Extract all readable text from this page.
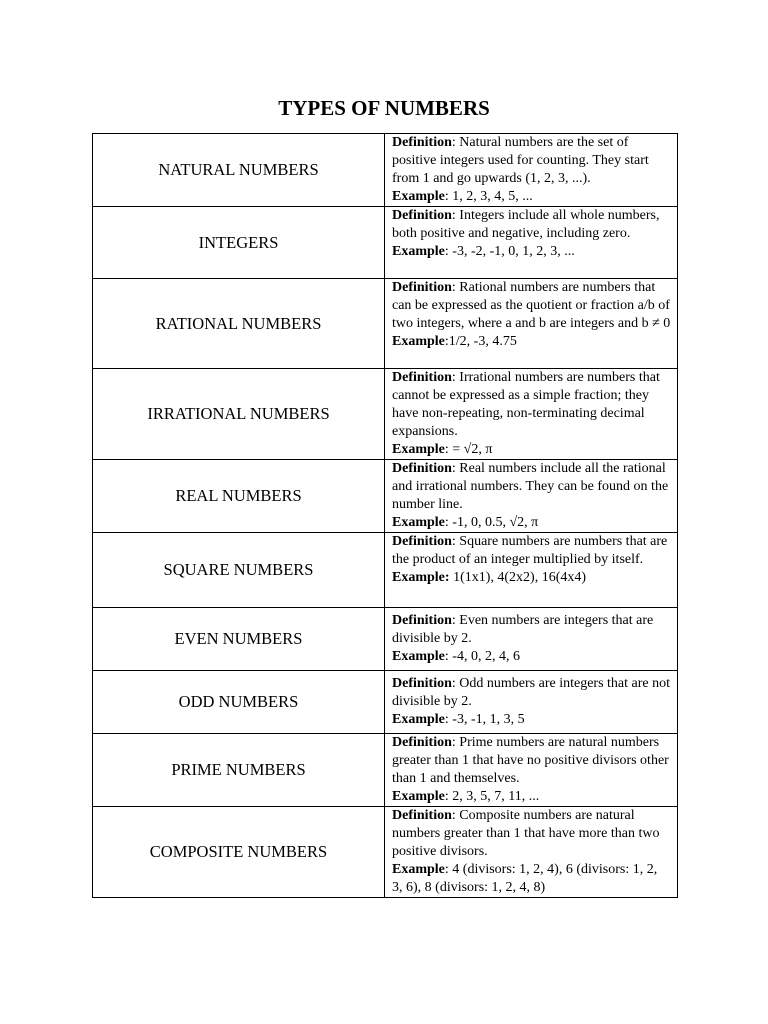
TYPES OF NUMBERS
NATURAL NUMBERS	Definition: Natural numbers are the set of positive integers used for counting. They start from 1 and go upwards (1, 2, 3, ...).
Example: 1, 2, 3, 4, 5, ...

INTEGERS	Definition: Integers include all whole numbers, both positive and negative, including zero.
Example: -3, -2, -1, 0, 1, 2, 3, ...

RATIONAL NUMBERS	Definition: Rational numbers are numbers that can be expressed as the quotient or fraction a/b of two integers, where a and b are integers and b ≠ 0
Example:1/2, -3, 4.75

IRRATIONAL NUMBERS	Definition: Irrational numbers are numbers that cannot be expressed as a simple fraction; they have non-repeating, non-terminating decimal expansions.
Example: = √2, π

REAL NUMBERS	Definition: Real numbers include all the rational and irrational numbers. They can be found on the number line.
Example: -1, 0, 0.5, √2, π

SQUARE NUMBERS	Definition: Square numbers are numbers that are the product of an integer multiplied by itself.
Example: 1(1x1), 4(2x2), 16(4x4)

EVEN NUMBERS	Definition: Even numbers are integers that are divisible by 2.
Example: -4, 0, 2, 4, 6

ODD NUMBERS	Definition: Odd numbers are integers that are not divisible by 2.
Example: -3, -1, 1, 3, 5

PRIME NUMBERS	Definition: Prime numbers are natural numbers greater than 1 that have no positive divisors other than 1 and themselves.
Example: 2, 3, 5, 7, 11, ...

COMPOSITE NUMBERS	Definition: Composite numbers are natural numbers greater than 1 that have more than two positive divisors.
Example: 4 (divisors: 1, 2, 4), 6 (divisors: 1, 2, 3, 6), 8 (divisors: 1, 2, 4, 8)
